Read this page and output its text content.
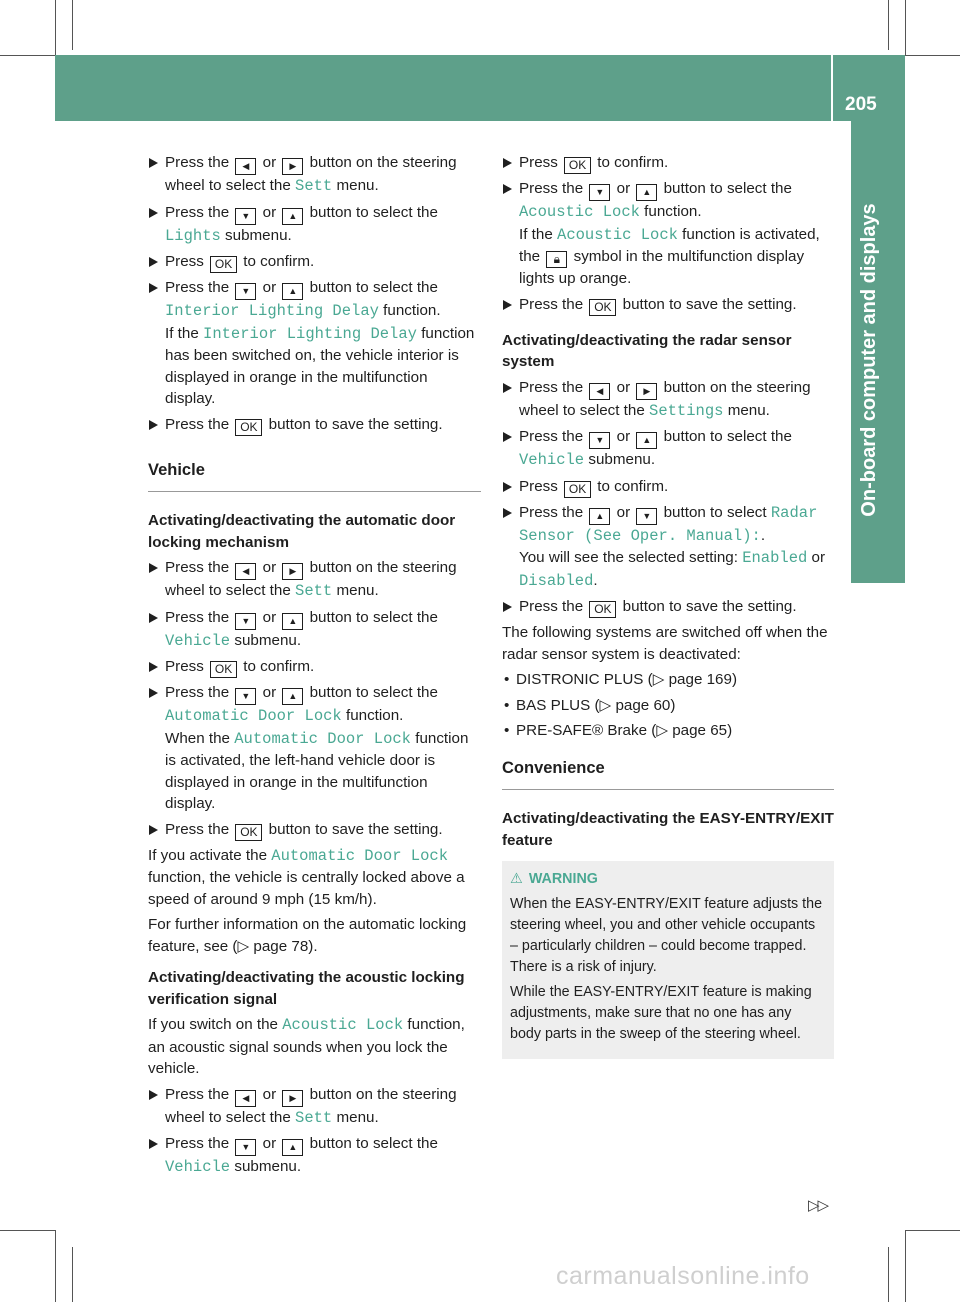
Menus and submenus
205
On-board computer and displays
Press the ◀ or ▶ button on the steering wheel to select the Sett menu.
Press the ▼ or ▲ button to select the Lights submenu.
Press OK to confirm.
Press the ▼ or ▲ button to select the Interior Lighting Delay function.
If the Interior Lighting Delay function has been switched on, the vehicle interior is displayed in orange in the multifunction display.
Press the OK button to save the setting.
Vehicle
Activating/deactivating the automatic door locking mechanism
Press the ◀ or ▶ button on the steering wheel to select the Sett menu.
Press the ▼ or ▲ button to select the Vehicle submenu.
Press OK to confirm.
Press the ▼ or ▲ button to select the Automatic Door Lock function.
When the Automatic Door Lock function is activated, the left-hand vehicle door is displayed in orange in the multifunction display.
Press the OK button to save the setting.
If you activate the Automatic Door Lock function, the vehicle is centrally locked above a speed of around 9 mph (15 km/h).
For further information on the automatic locking feature, see (▷ page 78).
Activating/deactivating the acoustic locking verification signal
If you switch on the Acoustic Lock function, an acoustic signal sounds when you lock the vehicle.
Press the ◀ or ▶ button on the steering wheel to select the Sett menu.
Press the ▼ or ▲ button to select the Vehicle submenu.
Press OK to confirm.
Press the ▼ or ▲ button to select the Acoustic Lock function.
If the Acoustic Lock function is activated, the 🔒︎ symbol in the multifunction display lights up orange.
Press the OK button to save the setting.
Activating/deactivating the radar sensor system
Press the ◀ or ▶ button on the steering wheel to select the Settings menu.
Press the ▼ or ▲ button to select the Vehicle submenu.
Press OK to confirm.
Press the ▲ or ▼ button to select Radar Sensor (See Oper. Manual):.
You will see the selected setting: Enabled or Disabled.
Press the OK button to save the setting.
The following systems are switched off when the radar sensor system is deactivated:
• DISTRONIC PLUS (▷ page 169)
• BAS PLUS (▷ page 60)
• PRE-SAFE® Brake (▷ page 65)
Convenience
Activating/deactivating the EASY-ENTRY/EXIT feature
⚠︎ WARNING
When the EASY-ENTRY/EXIT feature adjusts the steering wheel, you and other vehicle occupants – particularly children – could become trapped. There is a risk of injury.
While the EASY-ENTRY/EXIT feature is making adjustments, make sure that no one has any body parts in the sweep of the steering wheel.
▷▷
carmanualsonline.info
